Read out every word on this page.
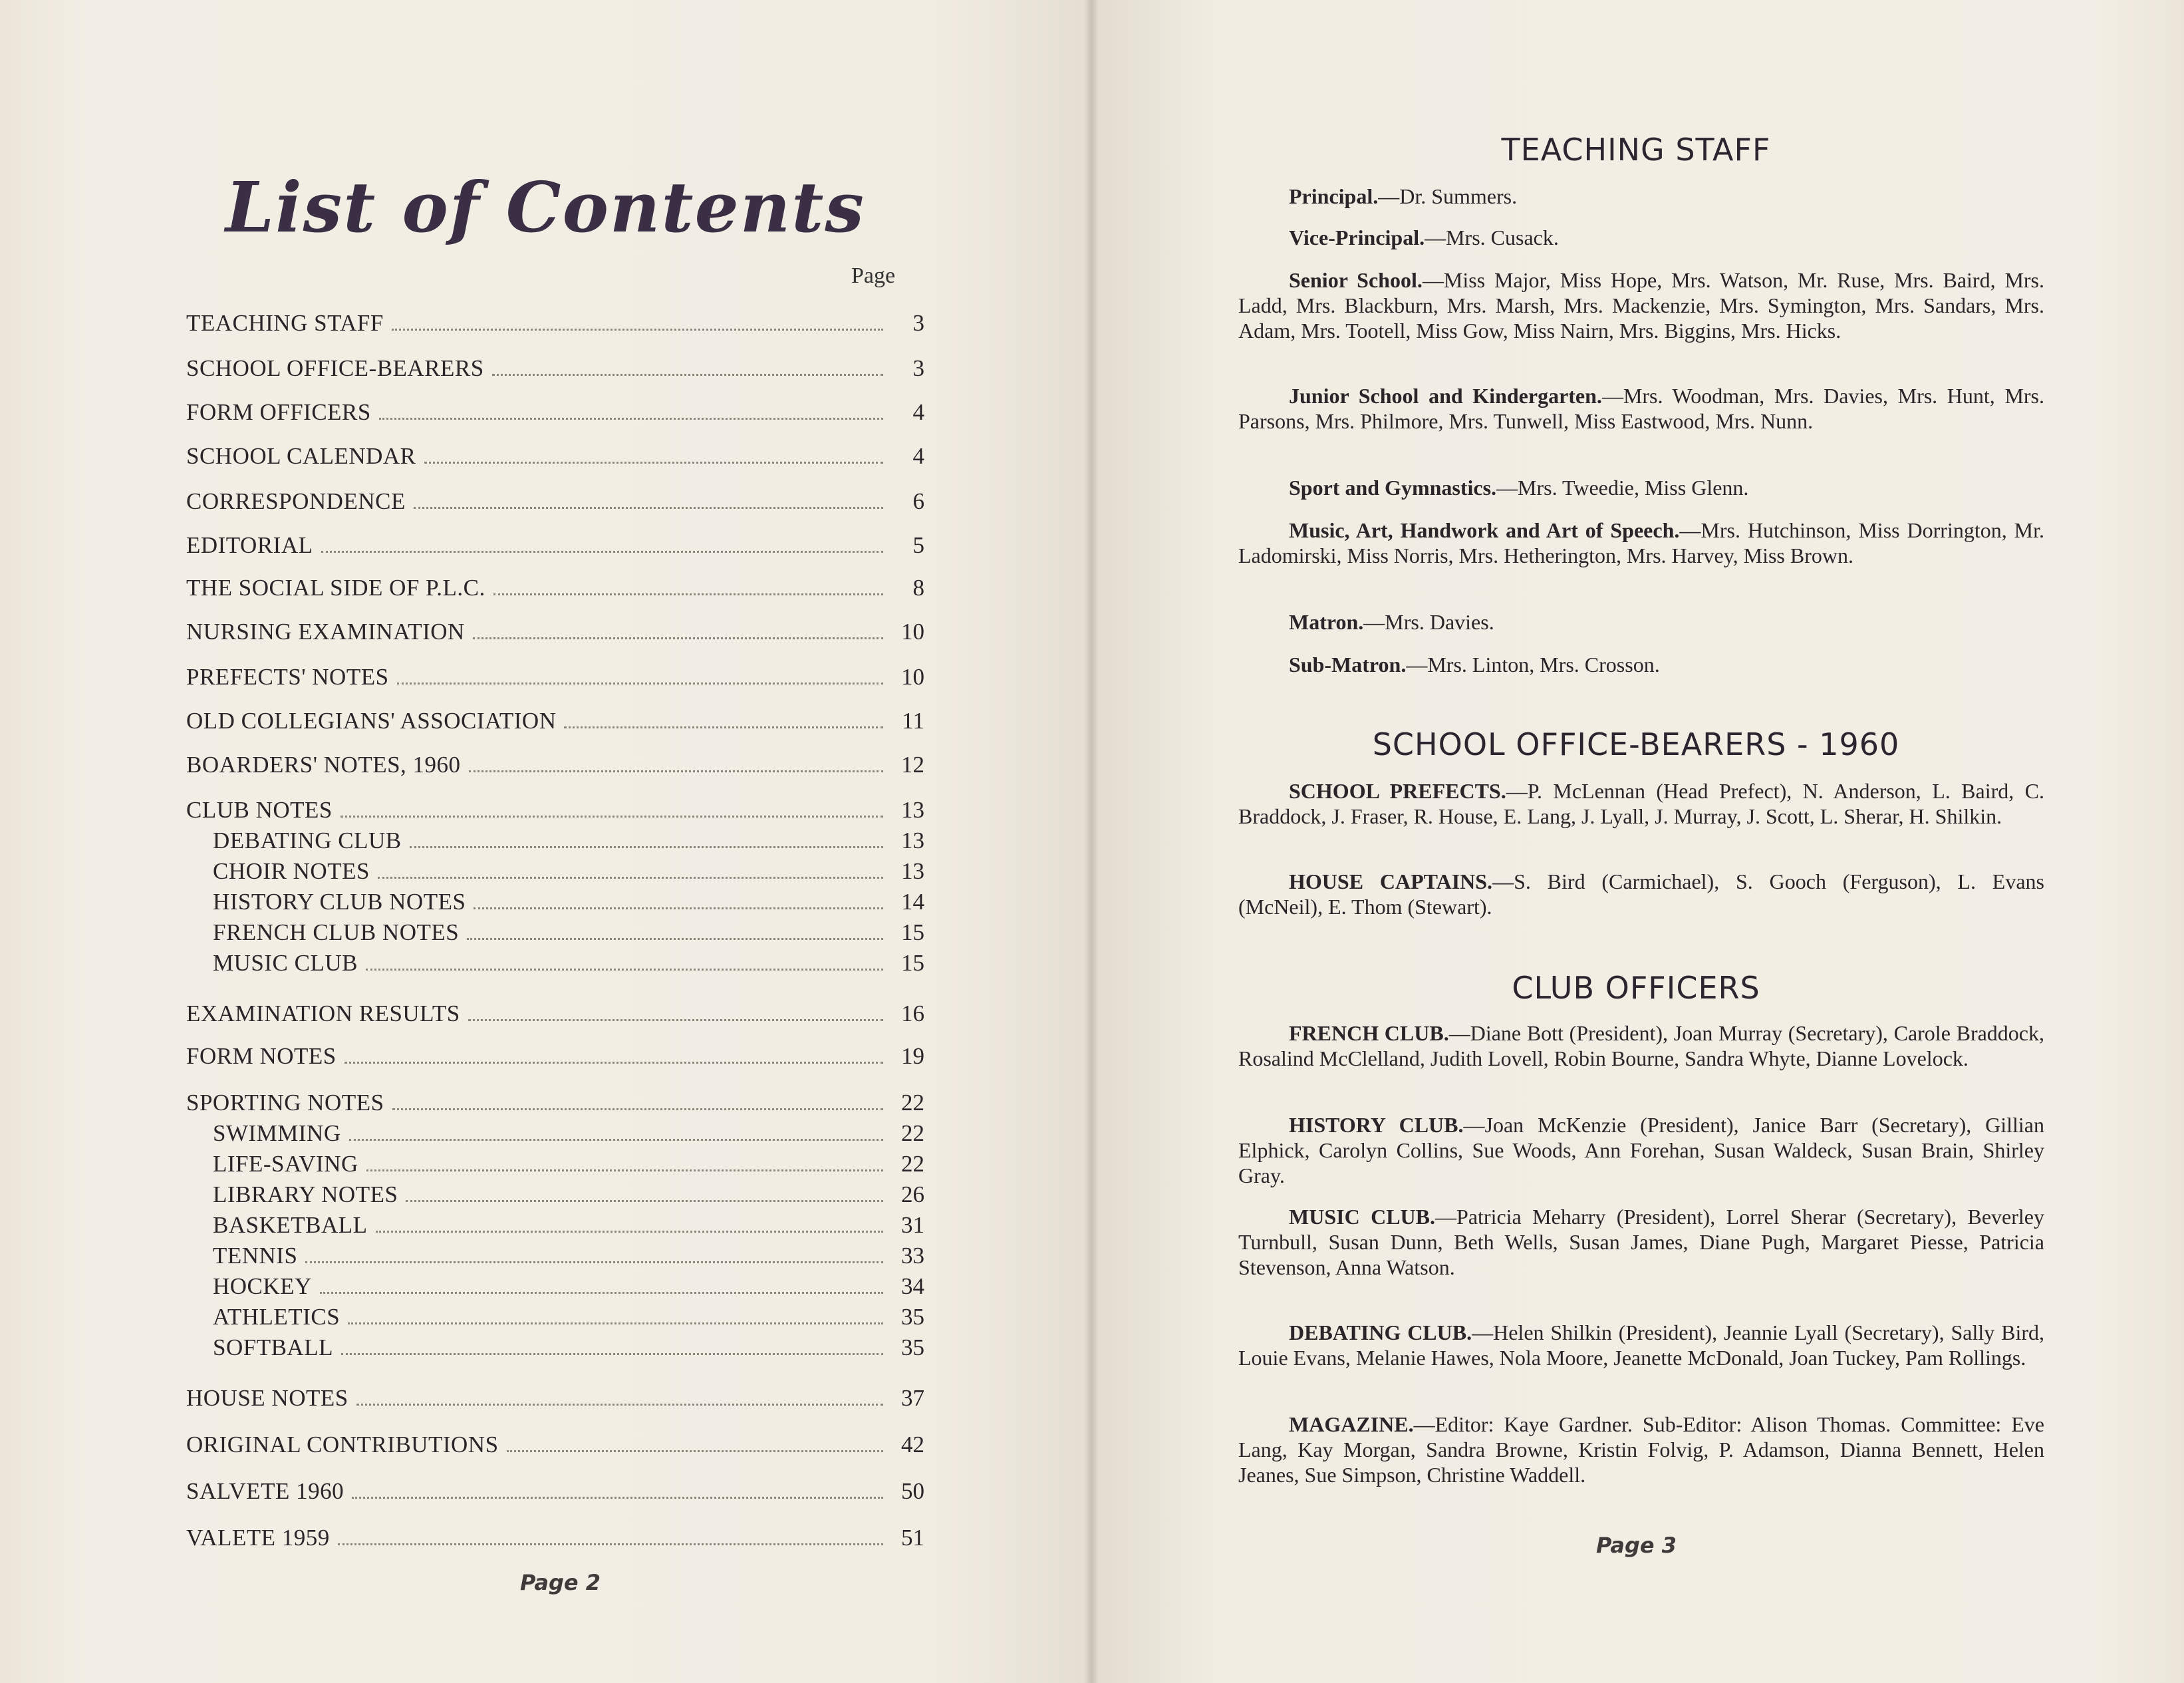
List of Contents
Page
TEACHING STAFF	3
SCHOOL OFFICE-BEARERS	3
FORM OFFICERS	4
SCHOOL CALENDAR	4
CORRESPONDENCE	6
EDITORIAL	5
THE SOCIAL SIDE OF P.L.C.	8
NURSING EXAMINATION	10
PREFECTS' NOTES	10
OLD COLLEGIANS' ASSOCIATION	11
BOARDERS' NOTES, 1960	12
CLUB NOTES	13
DEBATING CLUB	13
CHOIR NOTES	13
HISTORY CLUB NOTES	14
FRENCH CLUB NOTES	15
MUSIC CLUB	15
EXAMINATION RESULTS	16
FORM NOTES	19
SPORTING NOTES	22
SWIMMING	22
LIFE-SAVING	22
LIBRARY NOTES	26
BASKETBALL	31
TENNIS	33
HOCKEY	34
ATHLETICS	35
SOFTBALL	35
HOUSE NOTES	37
ORIGINAL CONTRIBUTIONS	42
SALVETE 1960	50
VALETE 1959	51
Page 2
Page 3
TEACHING STAFF
Principal.—Dr. Summers.
Vice-Principal.—Mrs. Cusack.
Senior School.—Miss Major, Miss Hope, Mrs. Watson, Mr. Ruse, Mrs. Baird, Mrs. Ladd, Mrs. Blackburn, Mrs. Marsh, Mrs. Mackenzie, Mrs. Symington, Mrs. Sandars, Mrs. Adam, Mrs. Tootell, Miss Gow, Miss Nairn, Mrs. Biggins, Mrs. Hicks.
Junior School and Kindergarten.—Mrs. Woodman, Mrs. Davies, Mrs. Hunt, Mrs. Parsons, Mrs. Philmore, Mrs. Tunwell, Miss Eastwood, Mrs. Nunn.
Sport and Gymnastics.—Mrs. Tweedie, Miss Glenn.
Music, Art, Handwork and Art of Speech.—Mrs. Hutchinson, Miss Dorrington, Mr. Ladomirski, Miss Norris, Mrs. Hetherington, Mrs. Harvey, Miss Brown.
Matron.—Mrs. Davies.
Sub-Matron.—Mrs. Linton, Mrs. Crosson.
SCHOOL OFFICE-BEARERS - 1960
SCHOOL PREFECTS.—P. McLennan (Head Prefect), N. Anderson, L. Baird, C. Braddock, J. Fraser, R. House, E. Lang, J. Lyall, J. Murray, J. Scott, L. Sherar, H. Shilkin.
HOUSE CAPTAINS.—S. Bird (Carmichael), S. Gooch (Ferguson), L. Evans (McNeil), E. Thom (Stewart).
CLUB OFFICERS
FRENCH CLUB.—Diane Bott (President), Joan Murray (Secretary), Carole Braddock, Rosalind McClelland, Judith Lovell, Robin Bourne, Sandra Whyte, Dianne Lovelock.
HISTORY CLUB.—Joan McKenzie (President), Janice Barr (Secretary), Gillian Elphick, Carolyn Collins, Sue Woods, Ann Forehan, Susan Waldeck, Susan Brain, Shirley Gray.
MUSIC CLUB.—Patricia Meharry (President), Lorrel Sherar (Secretary), Beverley Turnbull, Susan Dunn, Beth Wells, Susan James, Diane Pugh, Margaret Piesse, Patricia Stevenson, Anna Watson.
DEBATING CLUB.—Helen Shilkin (President), Jeannie Lyall (Secretary), Sally Bird, Louie Evans, Melanie Hawes, Nola Moore, Jeanette McDonald, Joan Tuckey, Pam Rollings.
MAGAZINE.—Editor: Kaye Gardner. Sub-Editor: Alison Thomas. Committee: Eve Lang, Kay Morgan, Sandra Browne, Kristin Folvig, P. Adamson, Dianna Bennett, Helen Jeanes, Sue Simpson, Christine Waddell.
